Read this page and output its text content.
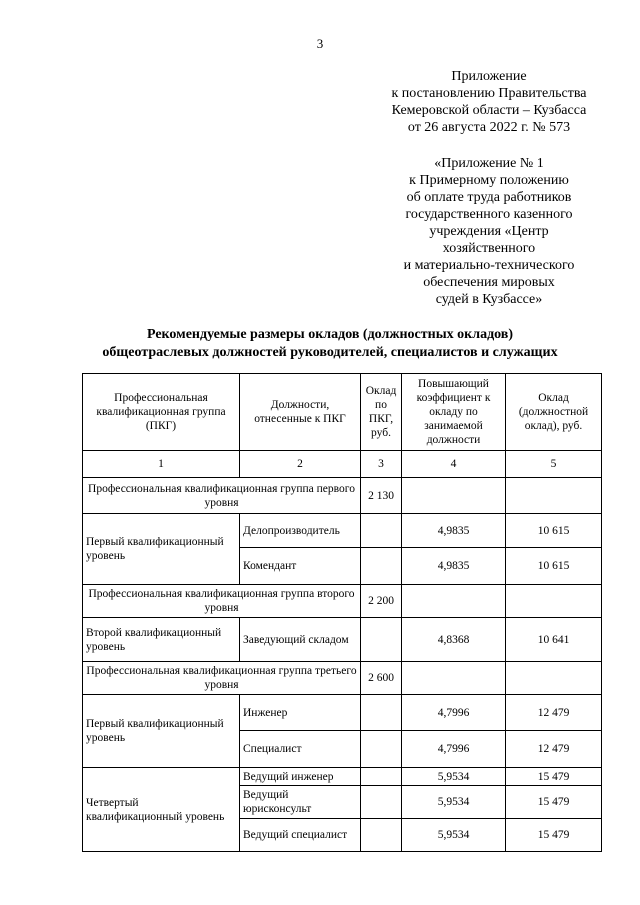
3
Приложение
к постановлению Правительства
Кемеровской области – Кузбасса
от 26 августа 2022 г. № 573
«Приложение № 1
к Примерному положению
об оплате труда работников
государственного казенного
учреждения «Центр
хозяйственного
и материально-технического
обеспечения мировых
судей в Кузбассе»
Рекомендуемые размеры окладов (должностных окладов)
общеотраслевых должностей руководителей, специалистов и служащих
Профессиональная квалификационная группа (ПКГ)	Должности, отнесенные к ПКГ	Оклад по ПКГ, руб.	Повышающий коэффициент к окладу по занимаемой должности	Оклад (должностной оклад), руб.
1	2	3	4	5
Профессиональная квалификационная группа первого уровня		2 130		
Первый квалификационный уровень	Делопроизводитель		4,9835	10 615
	Комендант		4,9835	10 615
Профессиональная квалификационная группа второго уровня		2 200		
Второй квалификационный уровень	Заведующий складом		4,8368	10 641
Профессиональная квалификационная группа третьего уровня		2 600		
Первый квалификационный уровень	Инженер		4,7996	12 479
	Специалист		4,7996	12 479
Четвертый квалификационный уровень	Ведущий инженер		5,9534	15 479
	Ведущий юрисконсульт		5,9534	15 479
	Ведущий специалист		5,9534	15 479
